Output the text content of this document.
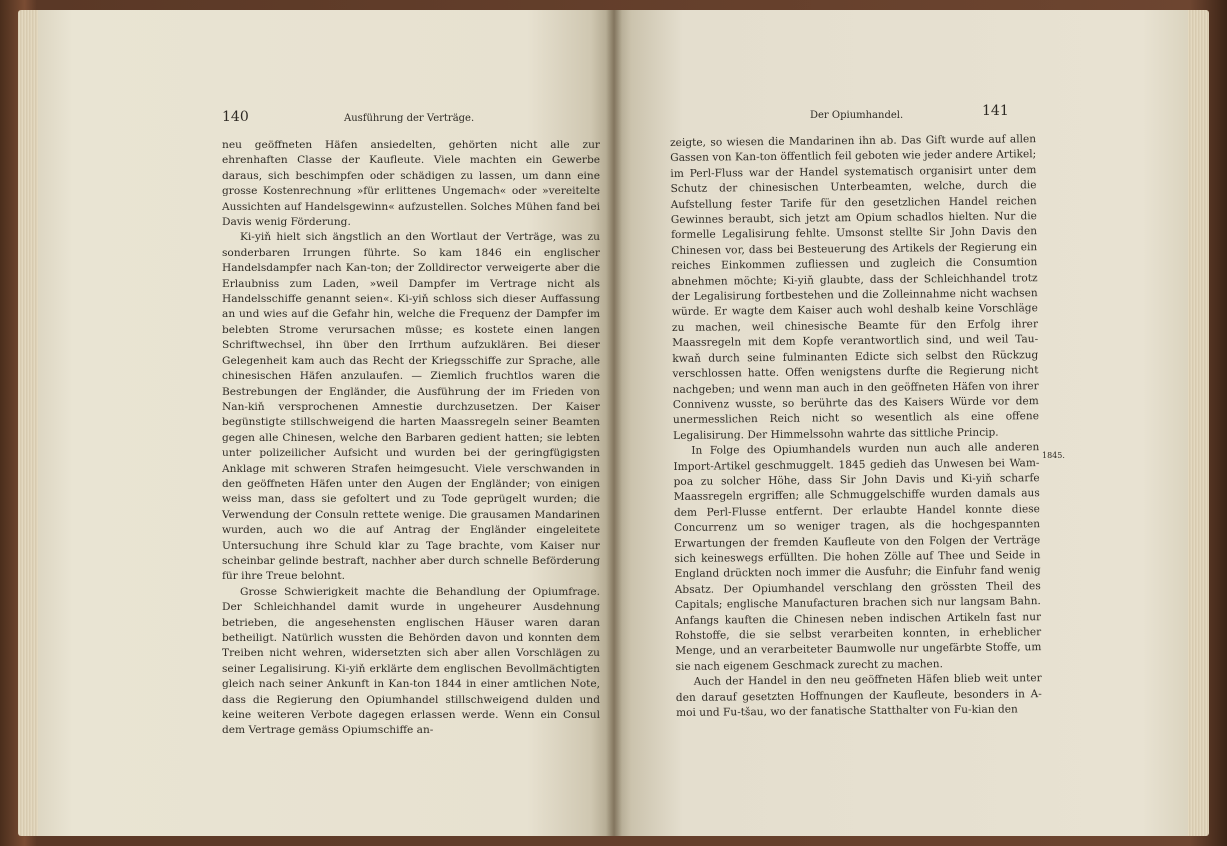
140	Ausführung der Verträge.

neu geöffneten Häfen ansiedelten, gehörten nicht alle zur ehrenhaften Classe der Kaufleute. Viele machten ein Gewerbe daraus, sich beschimpfen oder schädigen zu lassen, um dann eine grosse Kostenrechnung »für erlittenes Ungemach« oder »vereitelte Aussichten auf Handelsgewinn« aufzustellen. Solches Mühen fand bei Davis wenig Förderung.

Ki-yiň hielt sich ängstlich an den Wortlaut der Verträge, was zu sonderbaren Irrungen führte. So kam 1846 ein englischer Handelsdampfer nach Kan-ton; der Zolldirector verweigerte aber die Erlaubniss zum Laden, »weil Dampfer im Vertrage nicht als Handelsschiffe genannt seien«. Ki-yiň schloss sich dieser Auffassung an und wies auf die Gefahr hin, welche die Frequenz der Dampfer im belebten Strome verursachen müsse; es kostete einen langen Schriftwechsel, ihn über den Irrthum aufzuklären. Bei dieser Gelegenheit kam auch das Recht der Kriegsschiffe zur Sprache, alle chinesischen Häfen anzulaufen. — Ziemlich fruchtlos waren die Bestrebungen der Engländer, die Ausführung der im Frieden von Nan-kiň versprochenen Amnestie durchzusetzen. Der Kaiser begünstigte stillschweigend die harten Maassregeln seiner Beamten gegen alle Chinesen, welche den Barbaren gedient hatten; sie lebten unter polizeilicher Aufsicht und wurden bei der geringfügigsten Anklage mit schweren Strafen heimgesucht. Viele verschwanden in den geöffneten Häfen unter den Augen der Engländer; von einigen weiss man, dass sie gefoltert und zu Tode geprügelt wurden; die Verwendung der Consuln rettete wenige. Die grausamen Mandarinen wurden, auch wo die auf Antrag der Engländer eingeleitete Untersuchung ihre Schuld klar zu Tage brachte, vom Kaiser nur scheinbar gelinde bestraft, nachher aber durch schnelle Beförderung für ihre Treue belohnt.

Grosse Schwierigkeit machte die Behandlung der Opiumfrage. Der Schleichhandel damit wurde in ungeheurer Ausdehnung betrieben, die angesehensten englischen Häuser waren daran betheiligt. Natürlich wussten die Behörden davon und konnten dem Treiben nicht wehren, widersetzten sich aber allen Vorschlägen zu seiner Legalisirung. Ki-yiň erklärte dem englischen Bevollmächtigten gleich nach seiner Ankunft in Kan-ton 1844 in einer amtlichen Note, dass die Regierung den Opiumhandel stillschweigend dulden und keine weiteren Verbote dagegen erlassen werde. Wenn ein Consul dem Vertrage gemäss Opiumschiffe an-

Der Opiumhandel.	141

zeigte, so wiesen die Mandarinen ihn ab. Das Gift wurde auf allen Gassen von Kan-ton öffentlich feil geboten wie jeder andere Artikel; im Perl-Fluss war der Handel systematisch organisirt unter dem Schutz der chinesischen Unterbeamten, welche, durch die Aufstellung fester Tarife für den gesetzlichen Handel reichen Gewinnes beraubt, sich jetzt am Opium schadlos hielten. Nur die formelle Legalisirung fehlte. Umsonst stellte Sir John Davis den Chinesen vor, dass bei Besteuerung des Artikels der Regierung ein reiches Einkommen zufliessen und zugleich die Consumtion abnehmen möchte; Ki-yiň glaubte, dass der Schleichhandel trotz der Legalisirung fortbestehen und die Zolleinnahme nicht wachsen würde. Er wagte dem Kaiser auch wohl deshalb keine Vorschläge zu machen, weil chinesische Beamte für den Erfolg ihrer Maassregeln mit dem Kopfe verantwortlich sind, und weil Tau-kwaň durch seine fulminanten Edicte sich selbst den Rückzug verschlossen hatte. Offen wenigstens durfte die Regierung nicht nachgeben; und wenn man auch in den geöffneten Häfen von ihrer Connivenz wusste, so berührte das des Kaisers Würde vor dem unermesslichen Reich nicht so wesentlich als eine offene Legalisirung. Der Himmelssohn wahrte das sittliche Princip.

In Folge des Opiumhandels wurden nun auch alle anderen Import-Artikel geschmuggelt. 1845 gedieh das Unwesen bei Wam-poa zu solcher Höhe, dass Sir John Davis und Ki-yiň scharfe Maassregeln ergriffen; alle Schmuggelschiffe wurden damals aus dem Perl-Flusse entfernt. Der erlaubte Handel konnte diese Concurrenz um so weniger tragen, als die hochgespannten Erwartungen der fremden Kaufleute von den Folgen der Verträge sich keineswegs erfüllten. Die hohen Zölle auf Thee und Seide in England drückten noch immer die Ausfuhr; die Einfuhr fand wenig Absatz. Der Opiumhandel verschlang den grössten Theil des Capitals; englische Manufacturen brachen sich nur langsam Bahn. Anfangs kauften die Chinesen neben indischen Artikeln fast nur Rohstoffe, die sie selbst verarbeiten konnten, in erheblicher Menge, und an verarbeiteter Baumwolle nur ungefärbte Stoffe, um sie nach eigenem Geschmack zurecht zu machen.

Auch der Handel in den neu geöffneten Häfen blieb weit unter den darauf gesetzten Hoffnungen der Kaufleute, besonders in A-moi und Fu-tšau, wo der fanatische Statthalter von Fu-kian den

1845.
